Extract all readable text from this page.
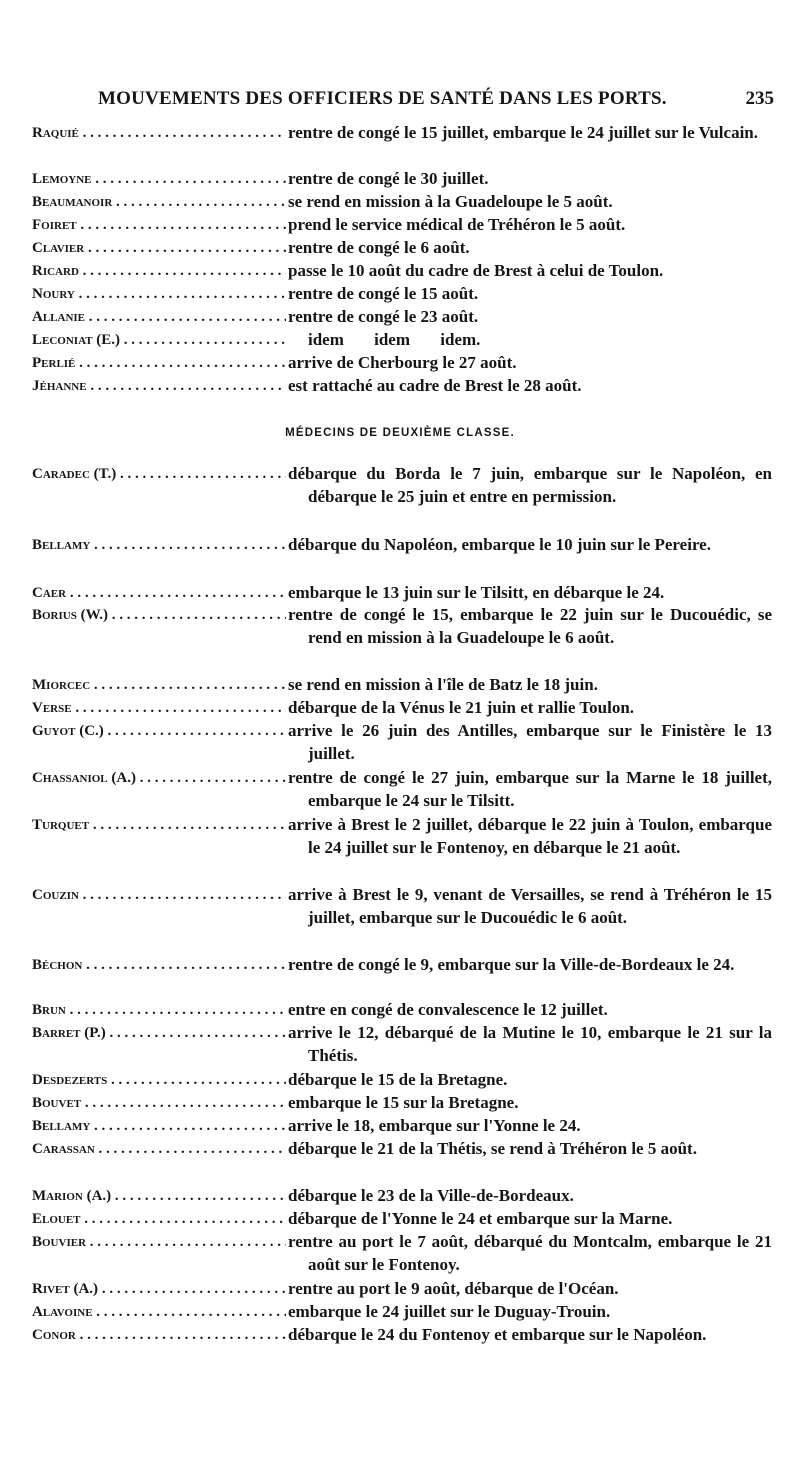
MOUVEMENTS DES OFFICIERS DE SANTÉ DANS LES PORTS.	235
Raquié . . .	rentre de congé le 15 juillet, embarque le 24 juillet sur le Vulcain.
Lemoyne . . .	rentre de congé le 30 juillet.
Beaumanoir . . .	se rend en mission à la Guadeloupe le 5 août.
Foiret . . .	prend le service médical de Tréhéron le 5 août.
Clavier . . .	rentre de congé le 6 août.
Ricard . . .	passe le 10 août du cadre de Brest à celui de Toulon.
Noury . . .	rentre de congé le 15 août.
Allanie . . .	rentre de congé le 23 août.
Leconiat (E.) . . .	idem idem idem.
Perlié . . .	arrive de Cherbourg le 27 août.
Jéhanne . . .	est rattaché au cadre de Brest le 28 août.
MÉDECINS DE DEUXIÈME CLASSE.
Caradec (T.) . . .	débarque du Borda le 7 juin, embarque sur le Napoléon, en débarque le 25 juin et entre en permission.
Bellamy . . .	débarque du Napoléon, embarque le 10 juin sur le Pereire.
Caer . . .	embarque le 13 juin sur le Tilsitt, en débarque le 24.
Borius (W.) . . .	rentre de congé le 15, embarque le 22 juin sur le Ducouédic, se rend en mission à la Guadeloupe le 6 août.
Miorcec . . .	se rend en mission à l'île de Batz le 18 juin.
Verse . . .	débarque de la Vénus le 21 juin et rallie Toulon.
Guyot (C.) . . .	arrive le 26 juin des Antilles, embarque sur le Finistère le 13 juillet.
Chassaniol (A.) . . .	rentre de congé le 27 juin, embarque sur la Marne le 18 juillet, embarque le 24 sur le Tilsitt.
Turquet . . .	arrive à Brest le 2 juillet, débarque le 22 juin à Toulon, embarque le 24 juillet sur le Fontenoy, en débarque le 21 août.
Couzin . . .	arrive à Brest le 9, venant de Versailles, se rend à Tréhéron le 15 juillet, embarque sur le Ducouédic le 6 août.
Béchon . . .	rentre de congé le 9, embarque sur la Ville-de-Bordeaux le 24.
Brun . . .	entre en congé de convalescence le 12 juillet.
Barret (P.) . . .	arrive le 12, débarqué de la Mutine le 10, embarque le 21 sur la Thétis.
Desdezerts . . .	débarque le 15 de la Bretagne.
Bouvet . . .	embarque le 15 sur la Bretagne.
Bellamy . . .	arrive le 18, embarque sur l'Yonne le 24.
Carassan . . .	débarque le 21 de la Thétis, se rend à Tréhéron le 5 août.
Marion (A.) . . .	débarque le 23 de la Ville-de-Bordeaux.
Elouet . . .	débarque de l'Yonne le 24 et embarque sur la Marne.
Bouvier . . .	rentre au port le 7 août, débarqué du Montcalm, embarque le 21 août sur le Fontenoy.
Rivet (A.) . . .	rentre au port le 9 août, débarque de l'Océan.
Alavoine . . .	embarque le 24 juillet sur le Duguay-Trouin.
Conor . . .	débarque le 24 du Fontenoy et embarque sur le Napoléon.
